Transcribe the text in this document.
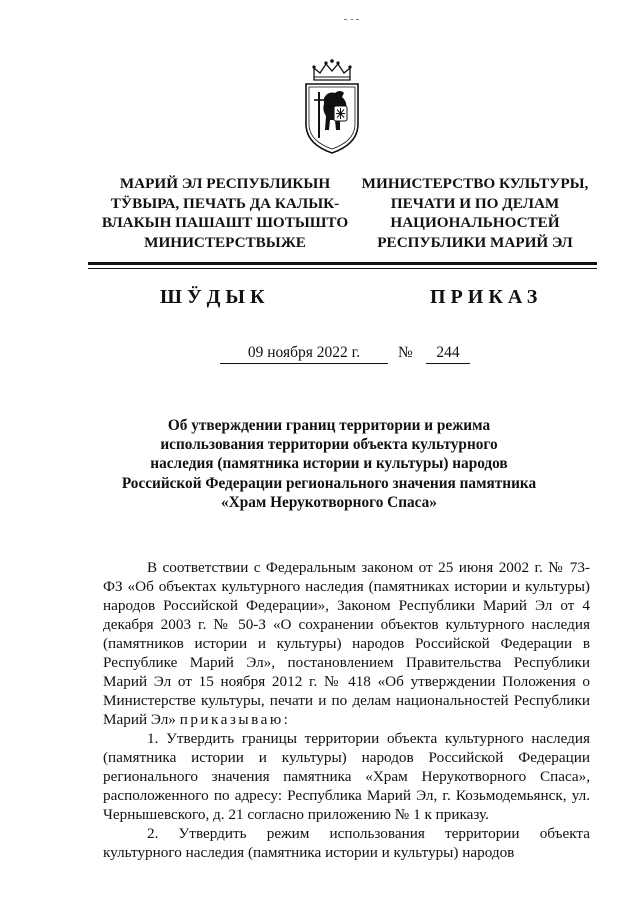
МАРИЙ ЭЛ РЕСПУБЛИКЫН
ТӰВЫРА, ПЕЧАТЬ ДА КАЛЫК-
ВЛАКЫН ПАШАШТ ШОТЫШТО
МИНИСТЕРСТВЫЖЕ
МИНИСТЕРСТВО КУЛЬТУРЫ,
ПЕЧАТИ И ПО ДЕЛАМ
НАЦИОНАЛЬНОСТЕЙ
РЕСПУБЛИКИ МАРИЙ ЭЛ
ШӰДЫК	ПРИКАЗ
09 ноября 2022 г.	№	244
Об утверждении границ территории и режима
использования территории объекта культурного
наследия (памятника истории и культуры) народов
Российской Федерации регионального значения памятника
«Храм Нерукотворного Спаса»

В соответствии с Федеральным законом от 25 июня 2002 г. № 73-ФЗ «Об объектах культурного наследия (памятниках истории и культуры) народов Российской Федерации», Законом Республики Марий Эл от 4 декабря 2003 г. № 50-З «О сохранении объектов культурного наследия (памятников истории и культуры) народов Российской Федерации в Республике Марий Эл», постановлением Правительства Республики Марий Эл от 15 ноября 2012 г. № 418 «Об утверждении Положения о Министерстве культуры, печати и по делам национальностей Республики Марий Эл» приказываю:

1. Утвердить границы территории объекта культурного наследия (памятника истории и культуры) народов Российской Федерации регионального значения памятника «Храм Нерукотворного Спаса», расположенного по адресу: Республика Марий Эл, г. Козьмодемьянск, ул. Чернышевского, д. 21 согласно приложению № 1 к приказу.

2. Утвердить режим использования территории объекта культурного наследия (памятника истории и культуры) народов
